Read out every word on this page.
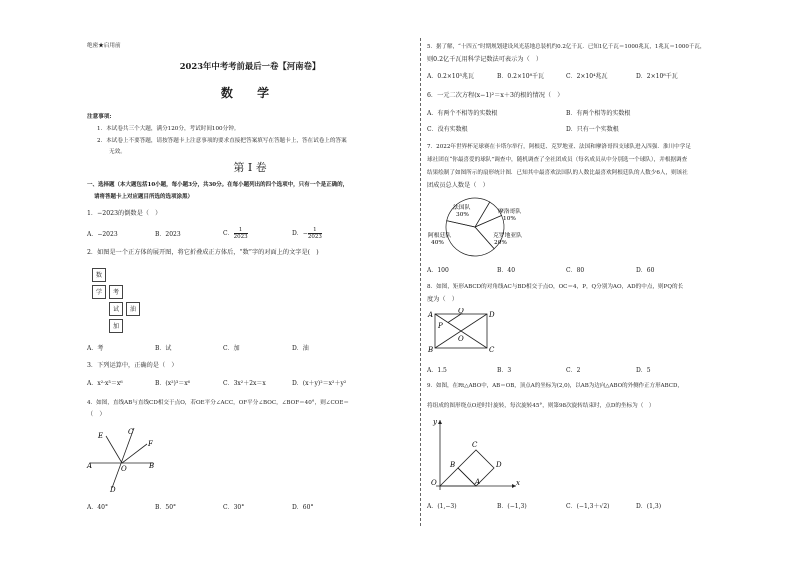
绝密★启用前
2023年中考考前最后一卷【河南卷】
数 学
注意事项:
1．本试卷共三个大题，满分120分，考试时间100分钟。
2．本试卷上不要答题，请按答题卡上注意事项的要求直接把答案填写在答题卡上，答在试卷上的答案
无效。
第 I 卷
一、选择题（本大题包括10小题，每小题3分，共30分。在每小题列出的四个选项中，只有一个是正确的，
请将答题卡上对应题目所选的选项涂黑）
1．−2023的倒数是（　）
A．−2023	B．2023	C． $\frac{1}{2023}$	D．− $\frac{1}{2023}$
2．如图是一个正方体的展开图，将它折叠成正方体后，“数”字的对面上的文字是(　)
数
学	考
试	油
加
A．考	B．试	C．加	D．油
3．下列运算中，正确的是（　）
A．x²·x³＝x⁶	B．(x²)³＝x⁶	C．3x²＋2x＝x	D．(x＋y)²＝x²＋y²
4．如图，直线AB与直线CD相交于点O，若OE平分∠ACC，OF平分∠BOC，∠BOF＝40°，则∠COE＝
（　）
E	C
F
A	O	B
D
A．40°	B．50°	C．30°	D．60°
5．据了解，“十四五”时期规划建设风光基地总装机约0.2亿千瓦．已知1亿千瓦＝1000兆瓦，1兆瓦＝1000千瓦，
则0.2亿千瓦用科学记数法可表示为（　）
A．0.2×10³兆瓦	B．0.2×10⁸千瓦	C．2×10⁴兆瓦	D．2×10⁸千瓦
6．一元二次方程(x−1)²＝x＋3的根的情况（　）
A．有两个不相等的实数根	B．有两个相等的实数根
C．没有实数根	D．只有一个实数根
7．2022年世界杯足球赛在卡塔尔举行，阿根廷、克罗地亚、法国和摩洛哥四支球队进入四强．淮川中学足
球社团在“你最喜爱的球队”调查中，随机调查了全社团成员（每名成员从中分别选一个球队），并根据调查
结果绘制了如图所示的扇形统计图．已知其中最喜欢法国队的人数比最喜欢阿根廷队的人数少6人，则该社
团成员总人数是（　）
法国队
30%	摩洛哥队
10%
克罗地亚队
20%
阿根廷队
40%
A．100	B．40	C．80	D．60
8．如图，矩形ABCD的对角线AC与BD相交于点O，OC＝4，P，Q分别为AO，AD的中点，则PQ的长
度为（　）
A	Q	D
P
O
B	C
A．1.5	B．3	C．2	D．5
9．如图，在Rt△ABO中，AB＝OB，顶点A的坐标为(2,0)，以AB为边向△ABO的外侧作正方形ABCD，
将组成的图形绕点O逆时针旋转，每次旋转45°，则第98次旋转结束时，点D的坐标为（　）
y
C
B	D
O	A	x
A．(1,−3)	B．(−1,3)	C．(−1,3＋√2)	D．(1,3)
